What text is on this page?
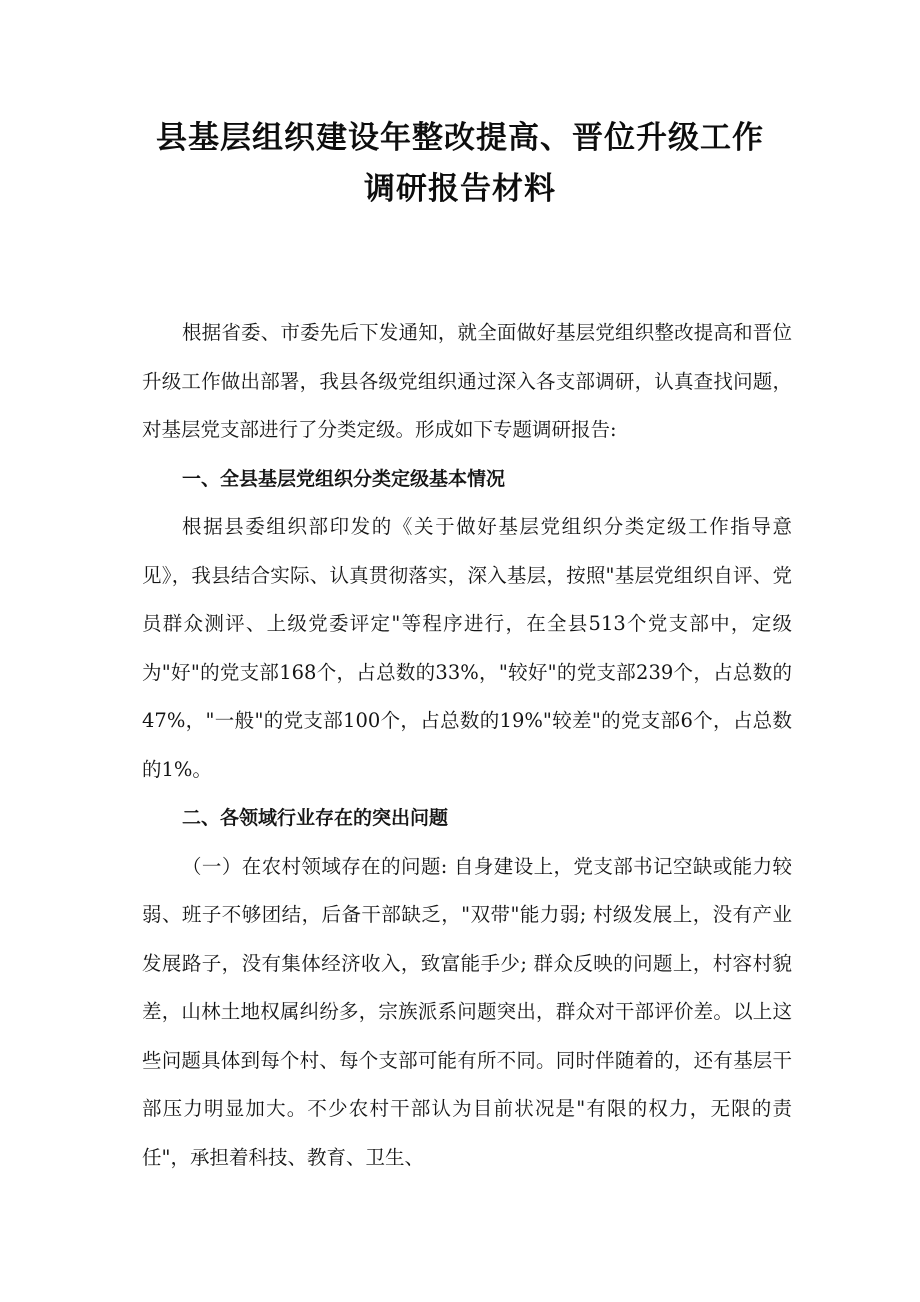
县基层组织建设年整改提高、晋位升级工作
调研报告材料

根据省委、市委先后下发通知，就全面做好基层党组织整改提高和晋位升级工作做出部署，我县各级党组织通过深入各支部调研，认真查找问题，对基层党支部进行了分类定级。形成如下专题调研报告:

一、全县基层党组织分类定级基本情况

根据县委组织部印发的《关于做好基层党组织分类定级工作指导意见》，我县结合实际、认真贯彻落实，深入基层，按照"基层党组织自评、党员群众测评、上级党委评定"等程序进行，在全县513个党支部中，定级为"好"的党支部168个，占总数的33%，"较好"的党支部239个，占总数的47%，"一般"的党支部100个，占总数的19%"较差"的党支部6个，占总数的1%。

二、各领域行业存在的突出问题

（一）在农村领域存在的问题: 自身建设上，党支部书记空缺或能力较弱、班子不够团结，后备干部缺乏，"双带"能力弱; 村级发展上，没有产业发展路子，没有集体经济收入，致富能手少; 群众反映的问题上，村容村貌差，山林土地权属纠纷多，宗族派系问题突出，群众对干部评价差。以上这些问题具体到每个村、每个支部可能有所不同。同时伴随着的，还有基层干部压力明显加大。不少农村干部认为目前状况是"有限的权力，无限的责任"，承担着科技、教育、卫生、
